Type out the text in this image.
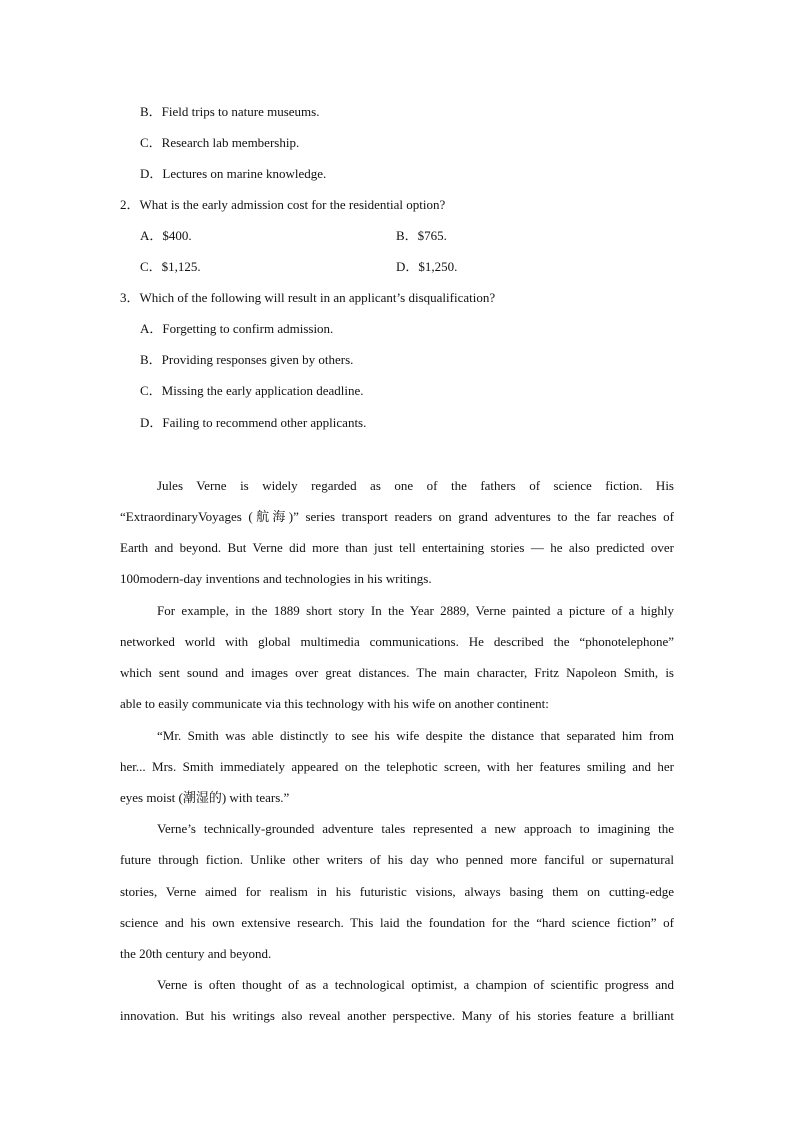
B．Field trips to nature museums.
C．Research lab membership.
D．Lectures on marine knowledge.
2．What is the early admission cost for the residential option?
A．$400.	B．$765.
C．$1,125.	D．$1,250.
3．Which of the following will result in an applicant’s disqualification?
A．Forgetting to confirm admission.
B．Providing responses given by others.
C．Missing the early application deadline.
D．Failing to recommend other applicants.
Jules Verne is widely regarded as one of the fathers of science fiction. His
“ExtraordinaryVoyages (航海)” series transport readers on grand adventures to the far reaches of
Earth and beyond. But Verne did more than just tell entertaining stories — he also predicted over
100modern-day inventions and technologies in his writings.
For example, in the 1889 short story In the Year 2889, Verne painted a picture of a highly
networked world with global multimedia communications. He described the “phonotelephone”
which sent sound and images over great distances. The main character, Fritz Napoleon Smith, is
able to easily communicate via this technology with his wife on another continent:
“Mr. Smith was able distinctly to see his wife despite the distance that separated him from
her... Mrs. Smith immediately appeared on the telephotic screen, with her features smiling and her
eyes moist (潮湿的) with tears.”
Verne’s technically-grounded adventure tales represented a new approach to imagining the
future through fiction. Unlike other writers of his day who penned more fanciful or supernatural
stories, Verne aimed for realism in his futuristic visions, always basing them on cutting-edge
science and his own extensive research. This laid the foundation for the “hard science fiction” of
the 20th century and beyond.
Verne is often thought of as a technological optimist, a champion of scientific progress and
innovation. But his writings also reveal another perspective. Many of his stories feature a brilliant
